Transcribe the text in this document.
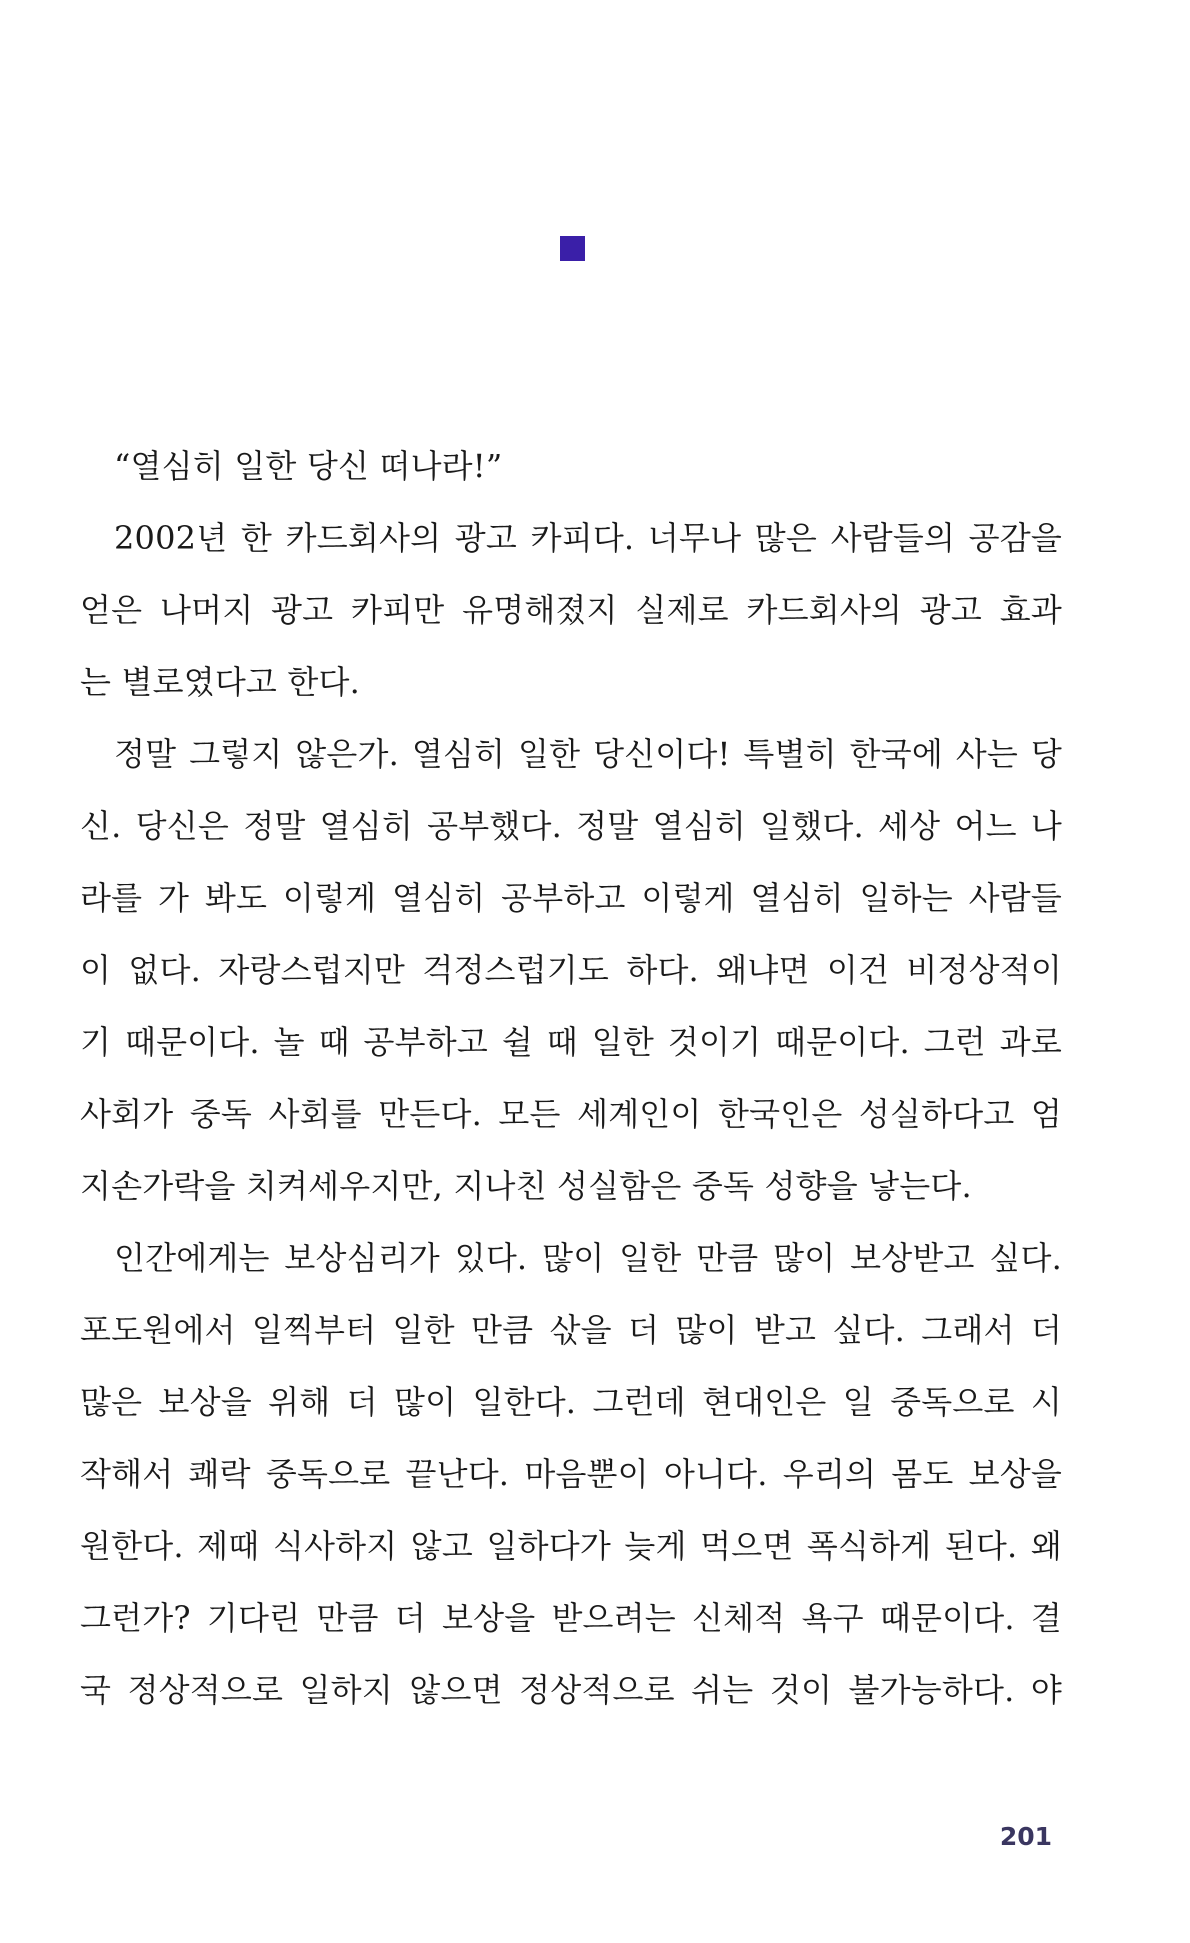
“열심히 일한 당신 떠나라!”
2002년 한 카드회사의 광고 카피다. 너무나 많은 사람들의 공감을
얻은 나머지 광고 카피만 유명해졌지 실제로 카드회사의 광고 효과
는 별로였다고 한다.
정말 그렇지 않은가. 열심히 일한 당신이다! 특별히 한국에 사는 당
신. 당신은 정말 열심히 공부했다. 정말 열심히 일했다. 세상 어느 나
라를 가 봐도 이렇게 열심히 공부하고 이렇게 열심히 일하는 사람들
이 없다. 자랑스럽지만 걱정스럽기도 하다. 왜냐면 이건 비정상적이
기 때문이다. 놀 때 공부하고 쉴 때 일한 것이기 때문이다. 그런 과로
사회가 중독 사회를 만든다. 모든 세계인이 한국인은 성실하다고 엄
지손가락을 치켜세우지만, 지나친 성실함은 중독 성향을 낳는다.
인간에게는 보상심리가 있다. 많이 일한 만큼 많이 보상받고 싶다.
포도원에서 일찍부터 일한 만큼 삯을 더 많이 받고 싶다. 그래서 더
많은 보상을 위해 더 많이 일한다. 그런데 현대인은 일 중독으로 시
작해서 쾌락 중독으로 끝난다. 마음뿐이 아니다. 우리의 몸도 보상을
원한다. 제때 식사하지 않고 일하다가 늦게 먹으면 폭식하게 된다. 왜
그런가? 기다린 만큼 더 보상을 받으려는 신체적 욕구 때문이다. 결
국 정상적으로 일하지 않으면 정상적으로 쉬는 것이 불가능하다. 야
201
